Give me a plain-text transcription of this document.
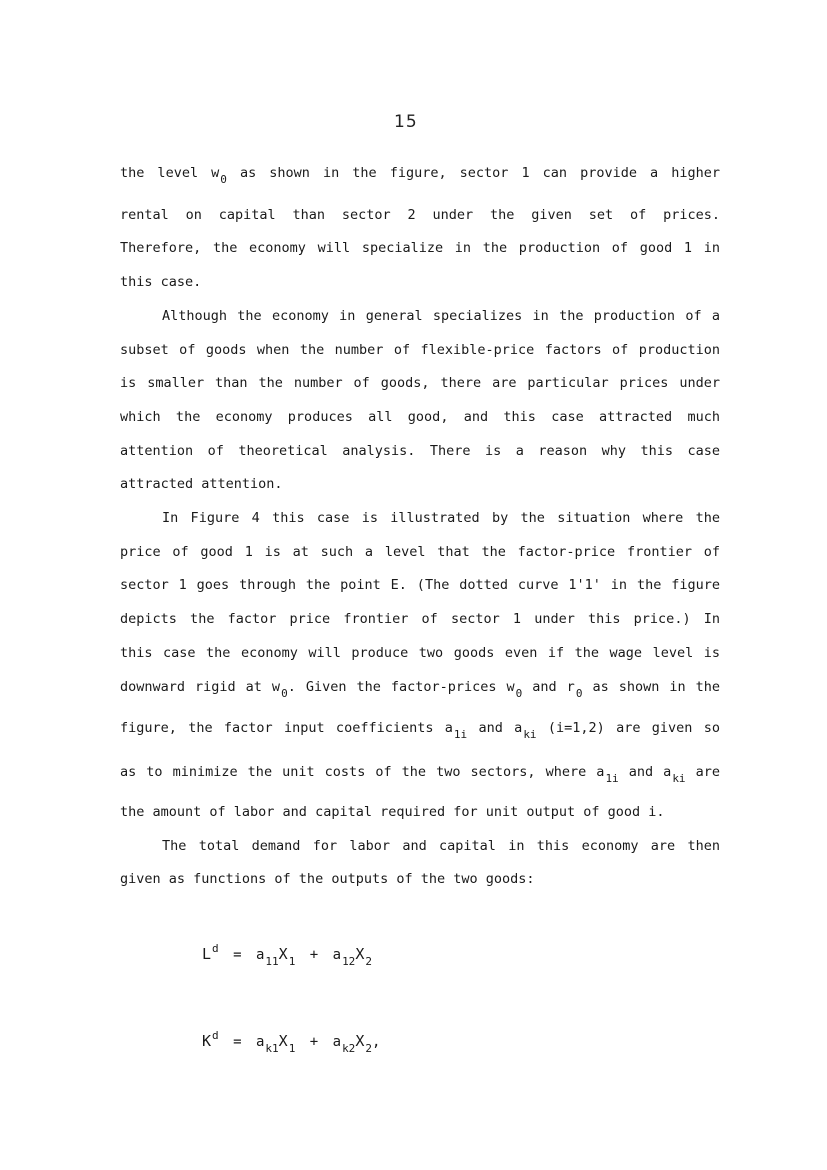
15
the level $w_0$ as shown in the figure, sector 1 can provide a higher
rental on capital than sector 2 under the given set of prices.
Therefore, the economy will specialize in the production of good 1 in
this case.
Although the economy in general specializes in the production of a
subset of goods when the number of flexible-price factors of production
is smaller than the number of goods, there are particular prices under
which the economy produces all good, and this case attracted much
attention of theoretical analysis. There is a reason why this case
attracted attention.
In Figure 4 this case is illustrated by the situation where the
price of good 1 is at such a level that the factor-price frontier of
sector 1 goes through the point E. (The dotted curve 1'1' in the figure
depicts the factor price frontier of sector 1 under this price.) In
this case the economy will produce two goods even if the wage level is
downward rigid at $w_0$. Given the factor-prices $w_0$ and $r_0$ as shown in the
figure, the factor input coefficients $a_{1i}$ and $a_{ki}$ (i=1,2) are given so
as to minimize the unit costs of the two sectors, where $a_{1i}$ and $a_{ki}$ are
the amount of labor and capital required for unit output of good i.
The total demand for labor and capital in this economy are then
given as functions of the outputs of the two goods:
$L^d = a_{11}X_1 + a_{12}X_2$
$K^d = a_{k1}X_1 + a_{k2}X_2$,
